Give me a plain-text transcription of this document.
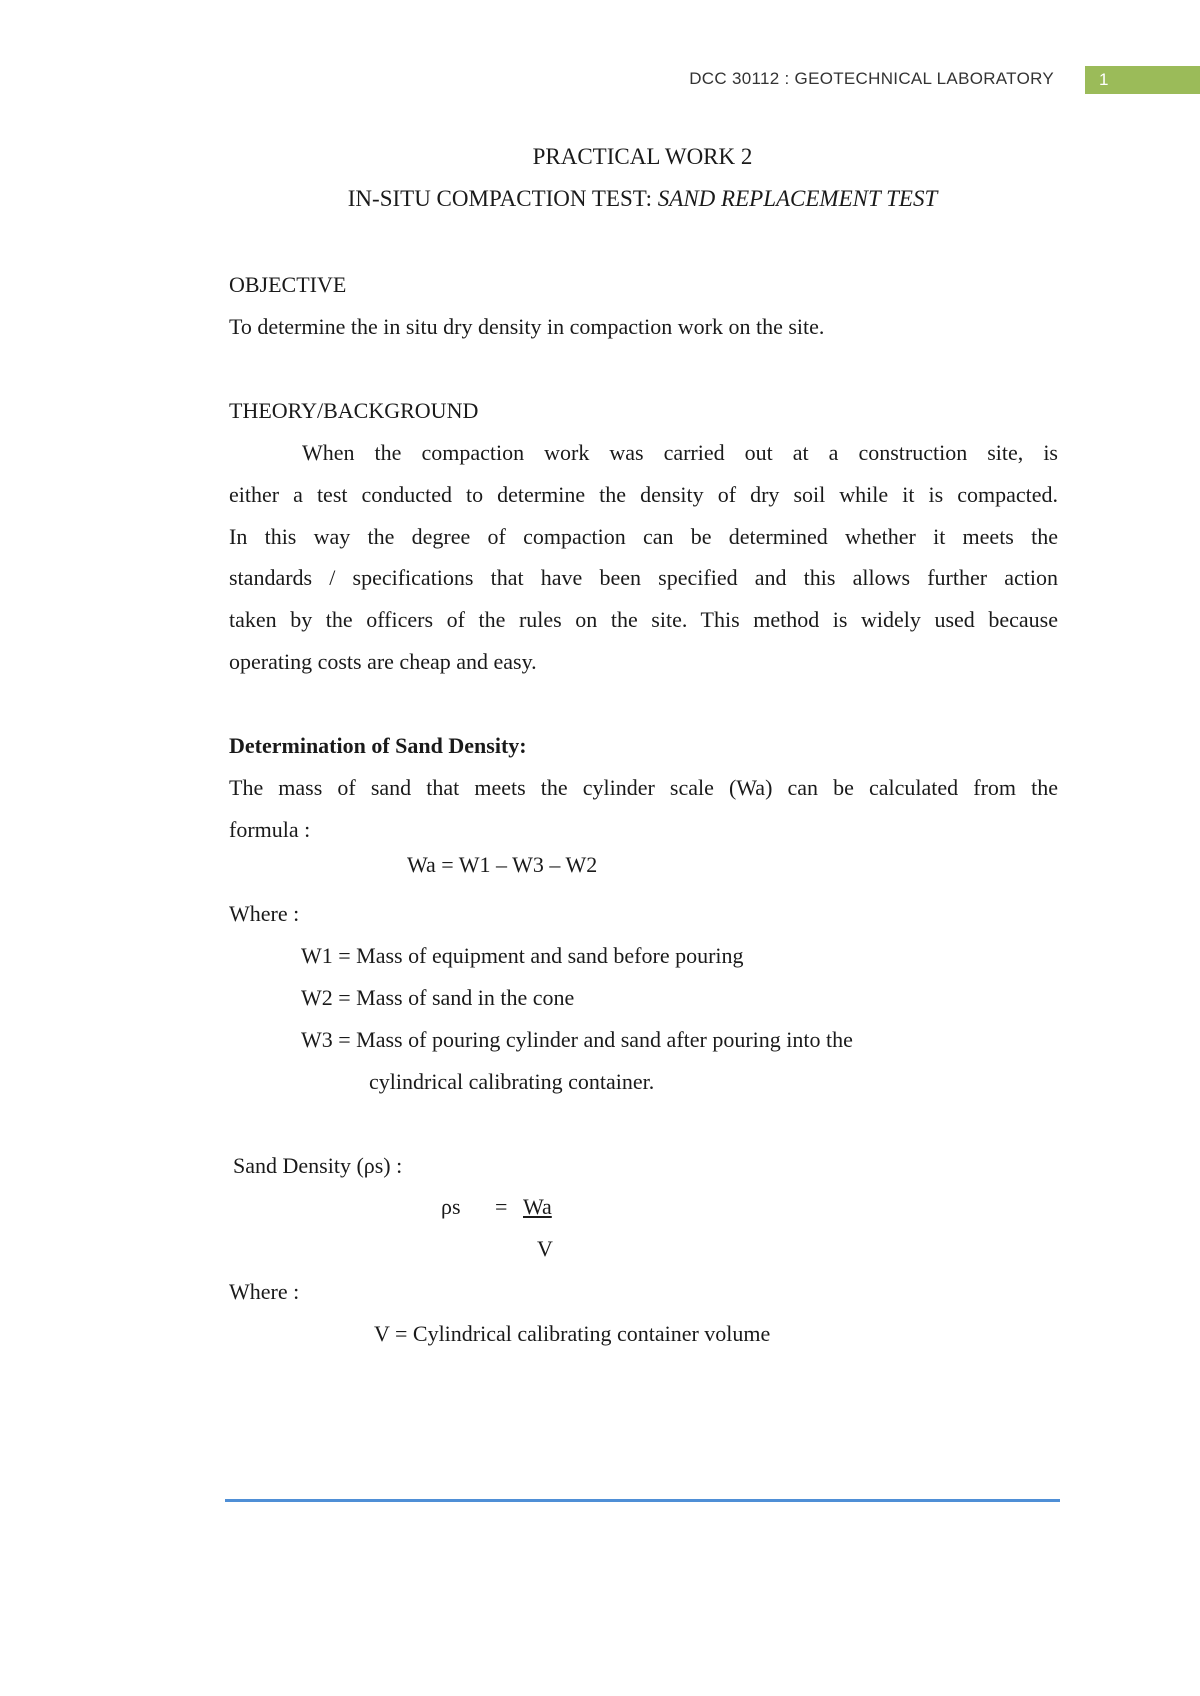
DCC 30112 : GEOTECHNICAL LABORATORY	1
PRACTICAL WORK 2
IN-SITU COMPACTION TEST: SAND REPLACEMENT TEST
OBJECTIVE
To determine the in situ dry density in compaction work on the site.
THEORY/BACKGROUND
When the compaction work was carried out at a construction site, is
either a test conducted to determine the density of dry soil while it is compacted.
In this way the degree of compaction can be determined whether it meets the
standards / specifications that have been specified and this allows further action
taken by the officers of the rules on the site. This method is widely used because
operating costs are cheap and easy.
Determination of Sand Density:
The mass of sand that meets the cylinder scale (Wa) can be calculated from the
formula :
Wa = W1 – W3 – W2
Where :
W1 = Mass of equipment and sand before pouring
W2 = Mass of sand in the cone
W3 = Mass of pouring cylinder and sand after pouring into the
cylindrical calibrating container.
Sand Density (ρs) :
ρs = Wa
V
Where :
V = Cylindrical calibrating container volume
